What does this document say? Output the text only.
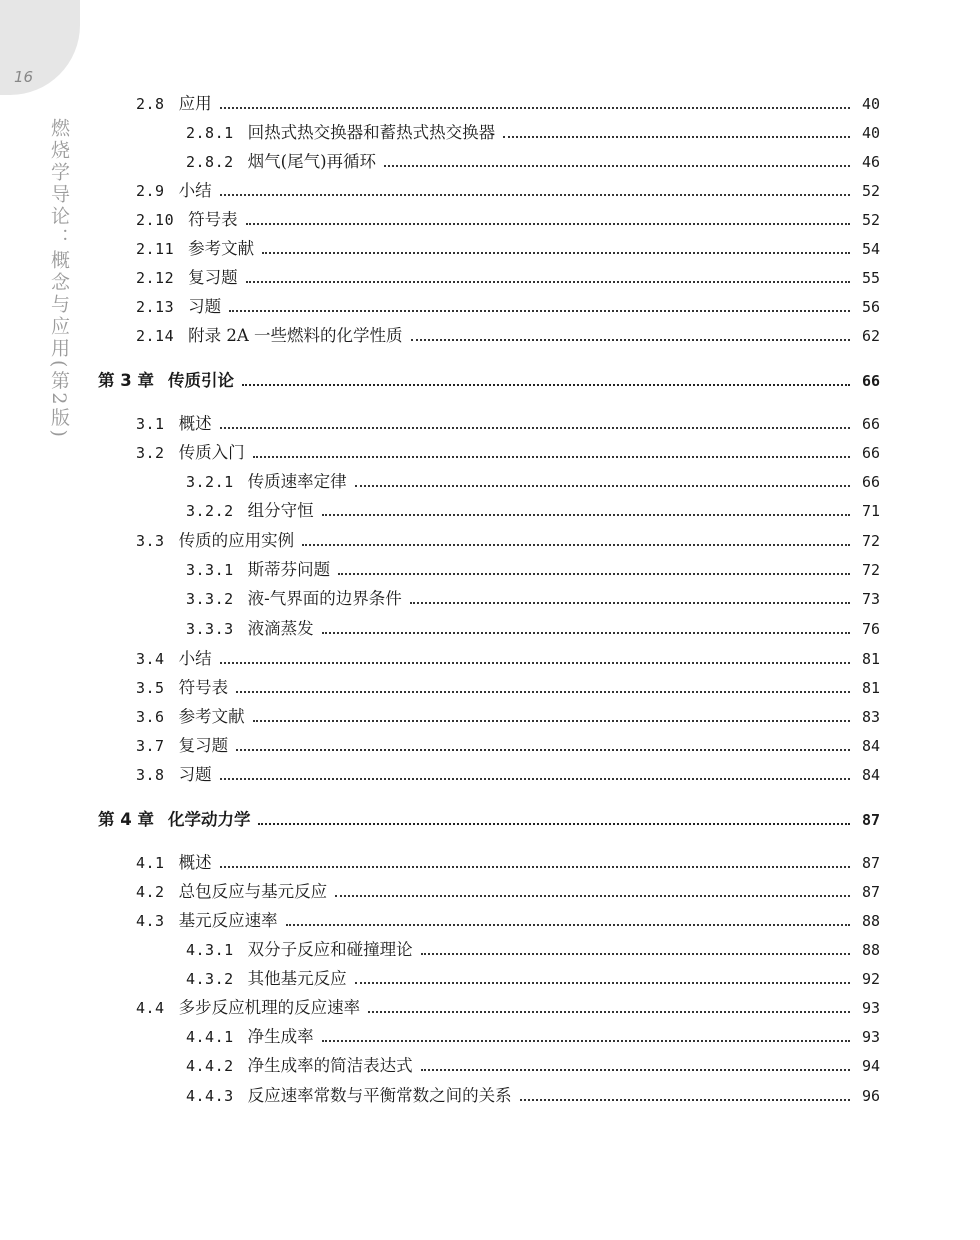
16
燃烧学导论：概念与应用(第2版)
2.8 应用	40
2.8.1 回热式热交换器和蓄热式热交换器	40
2.8.2 烟气(尾气)再循环	46
2.9 小结	52
2.10 符号表	52
2.11 参考文献	54
2.12 复习题	55
2.13 习题	56
2.14 附录 2A 一些燃料的化学性质	62
第 3 章 传质引论	66
3.1 概述	66
3.2 传质入门	66
3.2.1 传质速率定律	66
3.2.2 组分守恒	71
3.3 传质的应用实例	72
3.3.1 斯蒂芬问题	72
3.3.2 液-气界面的边界条件	73
3.3.3 液滴蒸发	76
3.4 小结	81
3.5 符号表	81
3.6 参考文献	83
3.7 复习题	84
3.8 习题	84
第 4 章 化学动力学	87
4.1 概述	87
4.2 总包反应与基元反应	87
4.3 基元反应速率	88
4.3.1 双分子反应和碰撞理论	88
4.3.2 其他基元反应	92
4.4 多步反应机理的反应速率	93
4.4.1 净生成率	93
4.4.2 净生成率的简洁表达式	94
4.4.3 反应速率常数与平衡常数之间的关系	96
